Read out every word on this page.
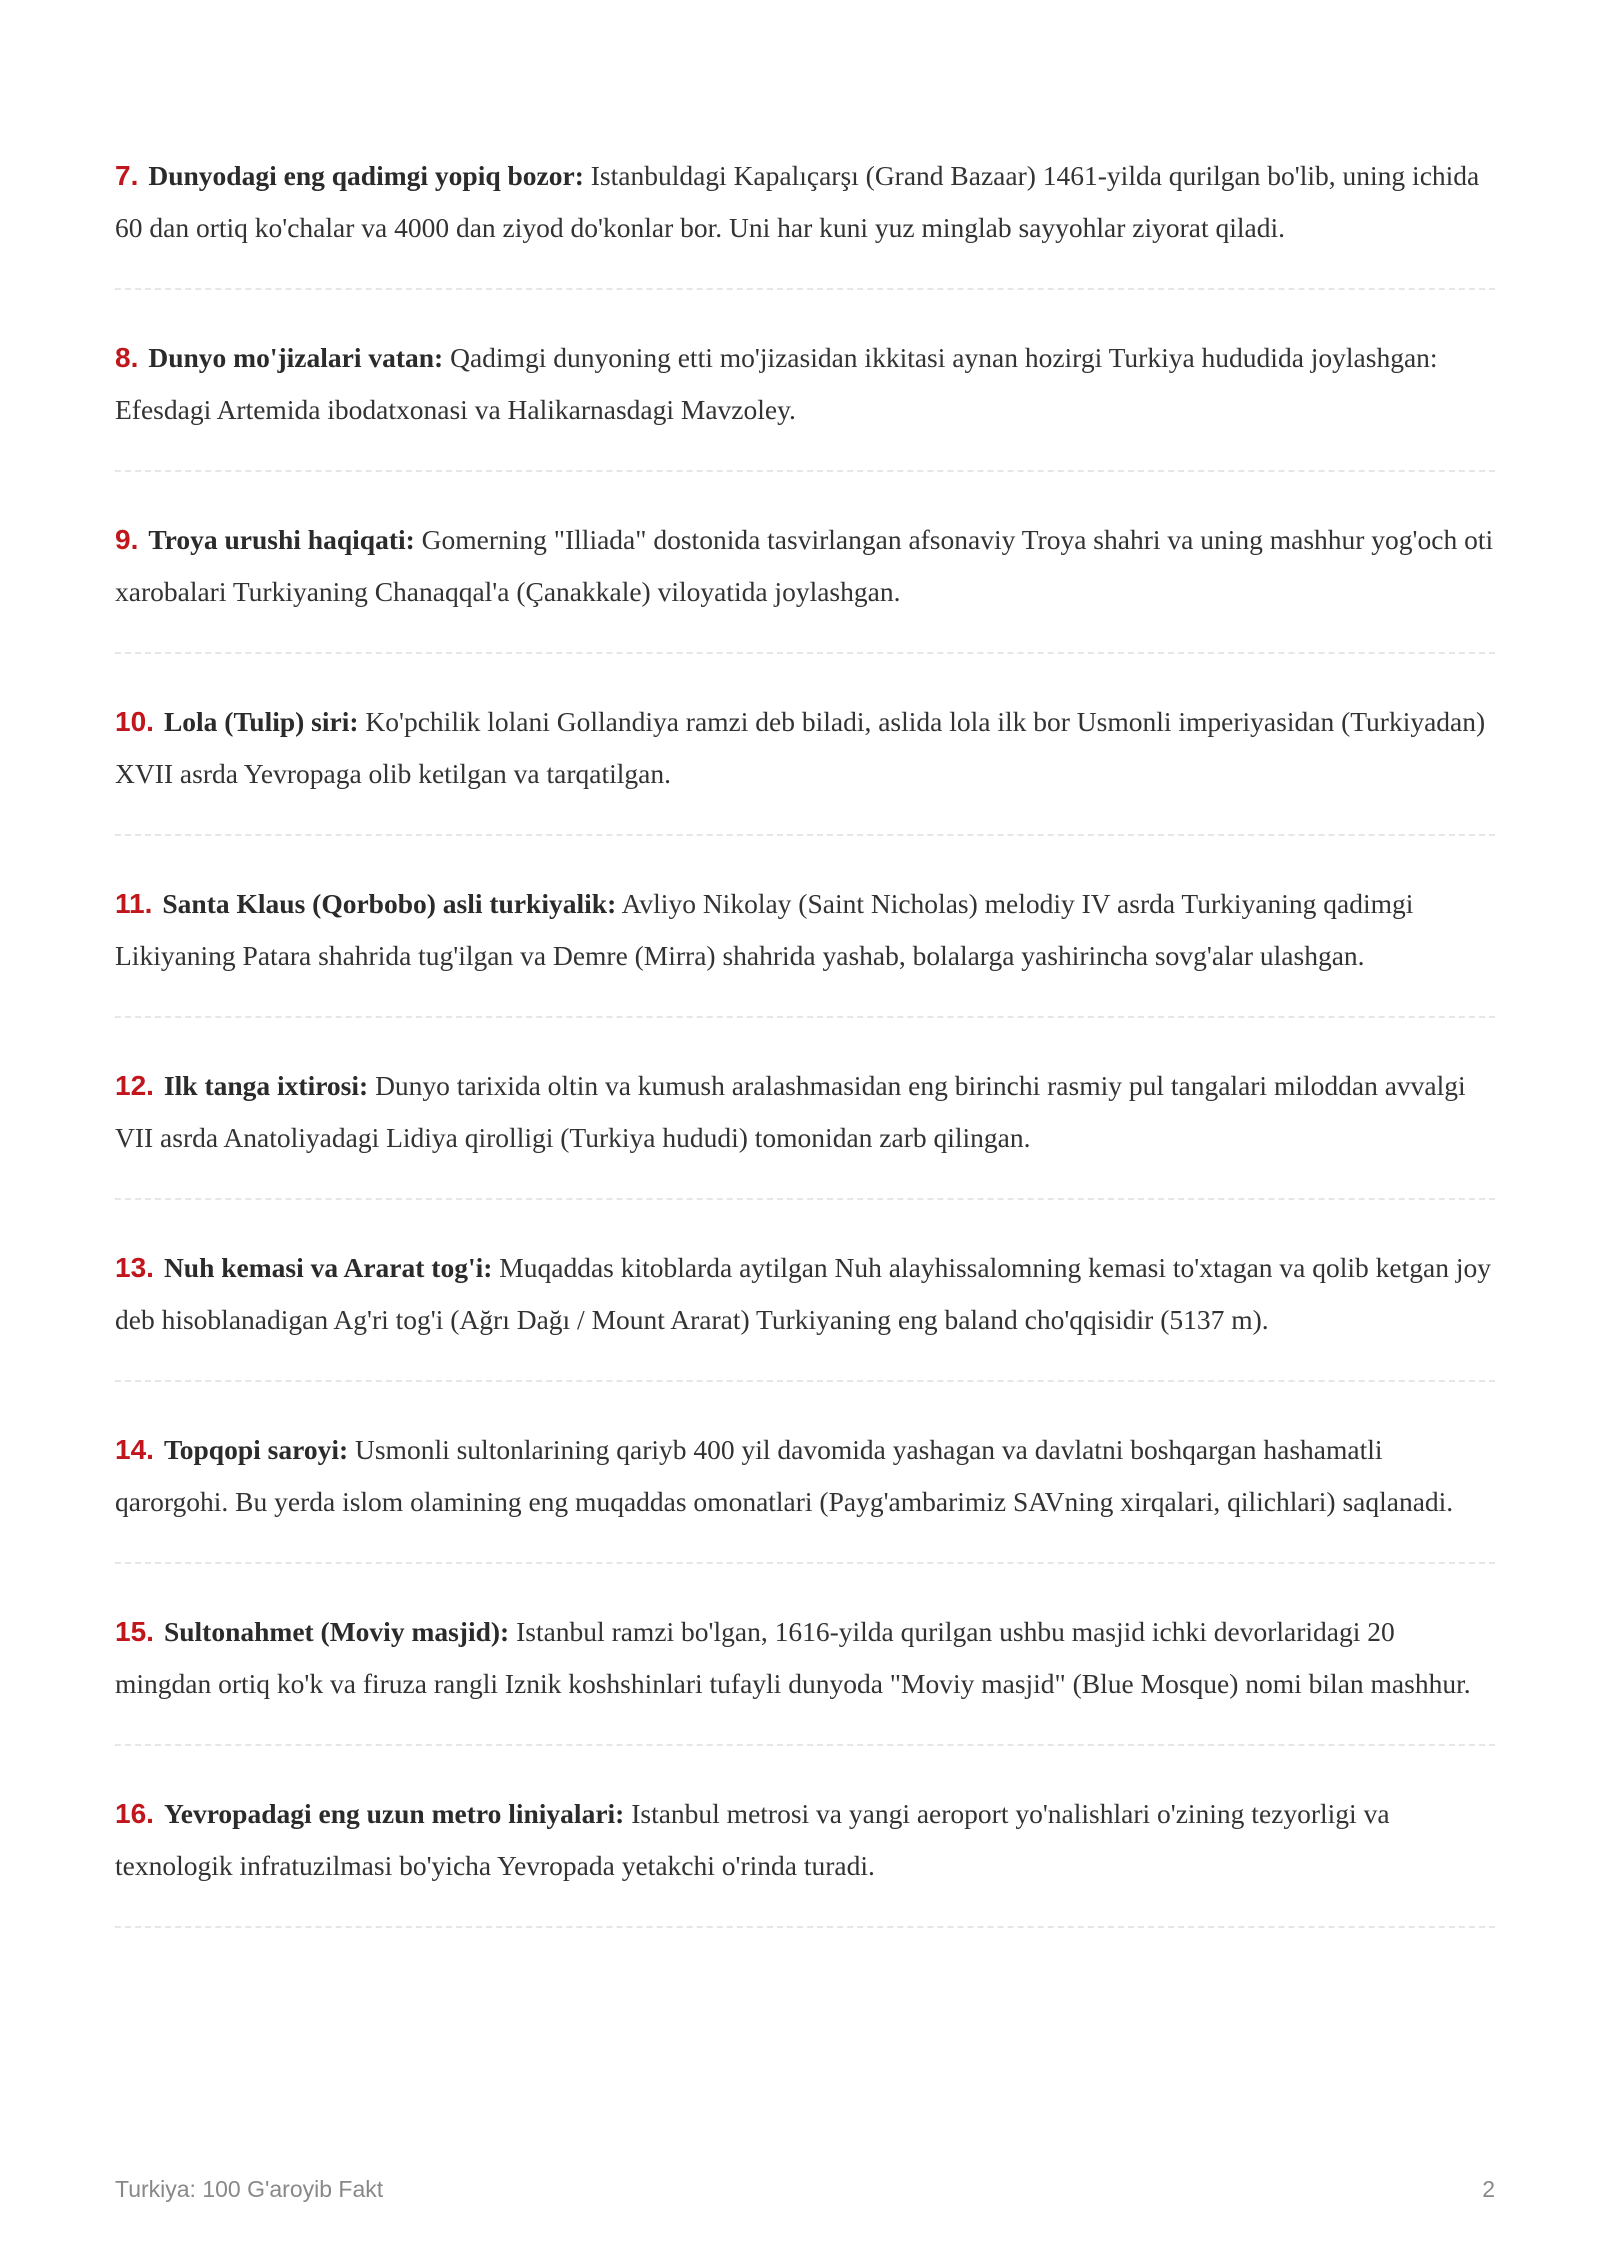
7. Dunyodagi eng qadimgi yopiq bozor: Istanbuldagi Kapalıçarşı (Grand Bazaar) 1461-yilda qurilgan bo'lib, uning ichida 60 dan ortiq ko'chalar va 4000 dan ziyod do'konlar bor. Uni har kuni yuz minglab sayyohlar ziyorat qiladi.
8. Dunyo mo'jizalari vatan: Qadimgi dunyoning etti mo'jizasidan ikkitasi aynan hozirgi Turkiya hududida joylashgan: Efesdagi Artemida ibodatxonasi va Halikarnasdagi Mavzoley.
9. Troya urushi haqiqati: Gomerning "Illiada" dostonida tasvirlangan afsonaviy Troya shahri va uning mashhur yog'och oti xarobalari Turkiyaning Chanaqqal'a (Çanakkale) viloyatida joylashgan.
10. Lola (Tulip) siri: Ko'pchilik lolani Gollandiya ramzi deb biladi, aslida lola ilk bor Usmonli imperiyasidan (Turkiyadan) XVII asrda Yevropaga olib ketilgan va tarqatilgan.
11. Santa Klaus (Qorbobo) asli turkiyalik: Avliyo Nikolay (Saint Nicholas) melodiy IV asrda Turkiyaning qadimgi Likiyaning Patara shahrida tug'ilgan va Demre (Mirra) shahrida yashab, bolalarga yashirincha sovg'alar ulashgan.
12. Ilk tanga ixtirosi: Dunyo tarixida oltin va kumush aralashmasidan eng birinchi rasmiy pul tangalari miloddan avvalgi VII asrda Anatoliyadagi Lidiya qirolligi (Turkiya hududi) tomonidan zarb qilingan.
13. Nuh kemasi va Ararat tog'i: Muqaddas kitoblarda aytilgan Nuh alayhissalomning kemasi to'xtagan va qolib ketgan joy deb hisoblanadigan Ag'ri tog'i (Ağrı Dağı / Mount Ararat) Turkiyaning eng baland cho'qqisidir (5137 m).
14. Topqopi saroyi: Usmonli sultonlarining qariyb 400 yil davomida yashagan va davlatni boshqargan hashamatli qarorgohi. Bu yerda islom olamining eng muqaddas omonatlari (Payg'ambarimiz SAVning xirqalari, qilichlari) saqlanadi.
15. Sultonahmet (Moviy masjid): Istanbul ramzi bo'lgan, 1616-yilda qurilgan ushbu masjid ichki devorlaridagi 20 mingdan ortiq ko'k va firuza rangli Iznik koshshinlari tufayli dunyoda "Moviy masjid" (Blue Mosque) nomi bilan mashhur.
16. Yevropadagi eng uzun metro liniyalari: Istanbul metrosi va yangi aeroport yo'nalishlari o'zining tezyorligi va texnologik infratuzilmasi bo'yicha Yevropada yetakchi o'rinda turadi.
Turkiya: 100 G'aroyib Fakt	2
